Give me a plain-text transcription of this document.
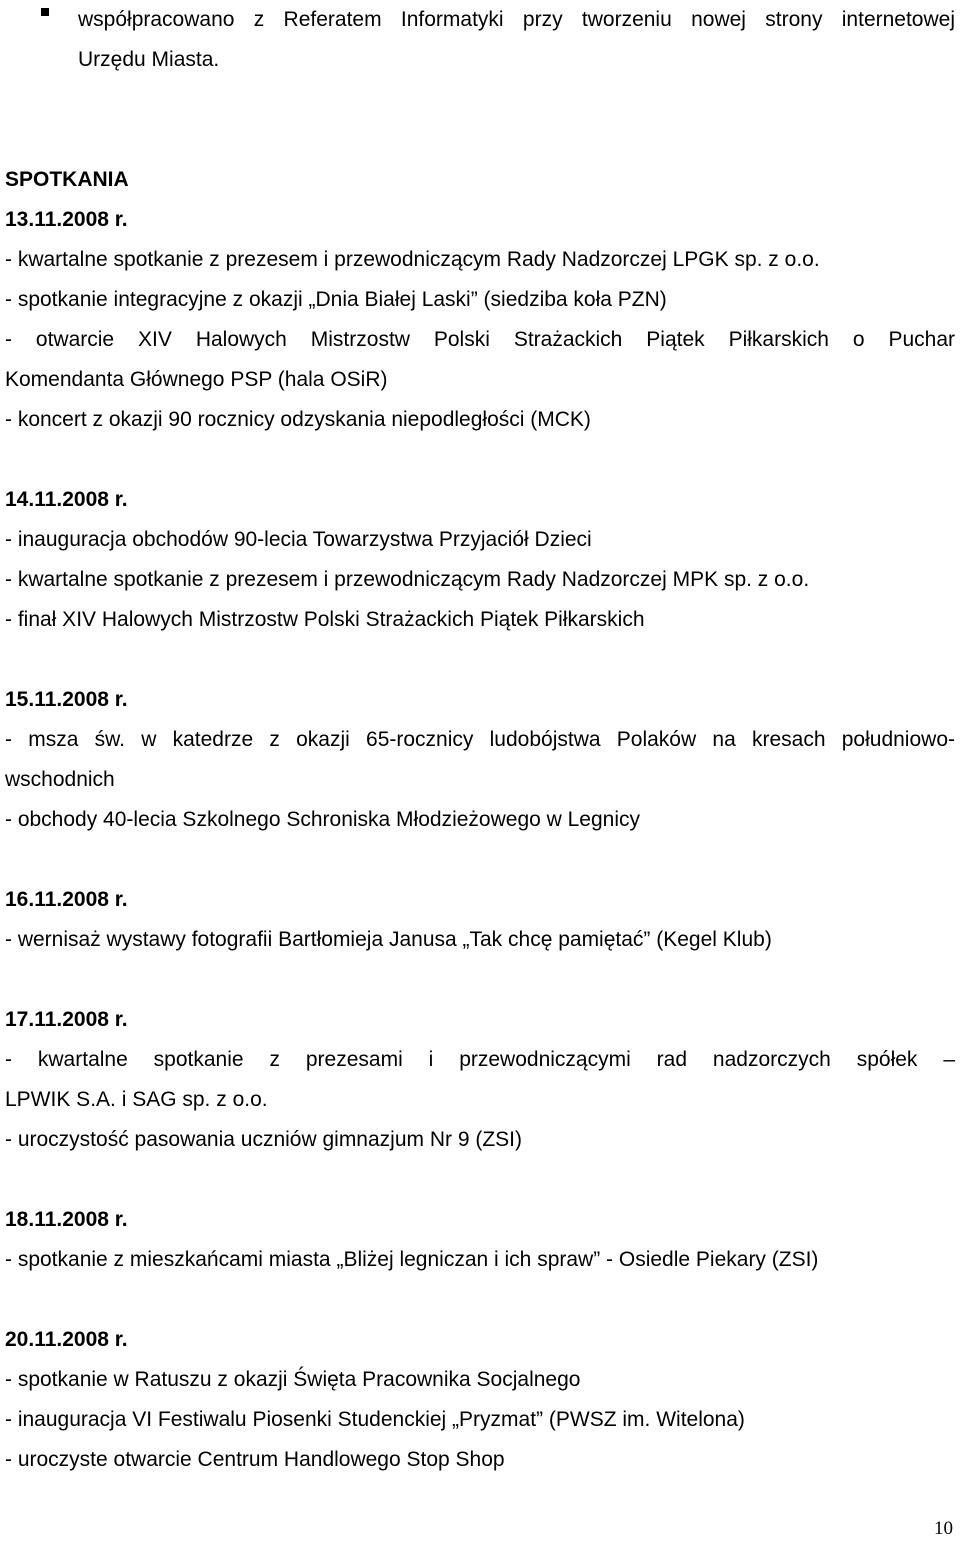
współpracowano z Referatem Informatyki przy tworzeniu nowej strony internetowej
Urzędu Miasta.
SPOTKANIA
13.11.2008 r.
- kwartalne spotkanie z prezesem i przewodniczącym Rady Nadzorczej LPGK sp. z o.o.
- spotkanie integracyjne z okazji „Dnia Białej Laski” (siedziba koła PZN)
- otwarcie XIV Halowych Mistrzostw Polski Strażackich Piątek Piłkarskich o Puchar
Komendanta Głównego PSP (hala OSiR)
- koncert z okazji 90 rocznicy odzyskania niepodległości (MCK)
14.11.2008 r.
- inauguracja obchodów 90-lecia Towarzystwa Przyjaciół Dzieci
- kwartalne spotkanie z prezesem i przewodniczącym Rady Nadzorczej MPK sp. z o.o.
- finał XIV Halowych Mistrzostw Polski Strażackich Piątek Piłkarskich
15.11.2008 r.
- msza św. w katedrze z okazji 65-rocznicy ludobójstwa Polaków na kresach południowo-
wschodnich
- obchody 40-lecia Szkolnego Schroniska Młodzieżowego w Legnicy
16.11.2008 r.
- wernisaż wystawy fotografii Bartłomieja Janusa „Tak chcę pamiętać” (Kegel Klub)
17.11.2008 r.
- kwartalne spotkanie z prezesami i przewodniczącymi rad nadzorczych spółek –
LPWIK S.A. i SAG sp. z o.o.
- uroczystość pasowania uczniów gimnazjum Nr 9 (ZSI)
18.11.2008 r.
- spotkanie z mieszkańcami miasta „Bliżej legniczan i ich spraw” - Osiedle Piekary (ZSI)
20.11.2008 r.
- spotkanie w Ratuszu z okazji Święta Pracownika Socjalnego
- inauguracja VI Festiwalu Piosenki Studenckiej „Pryzmat” (PWSZ im. Witelona)
- uroczyste otwarcie Centrum Handlowego Stop Shop
10
